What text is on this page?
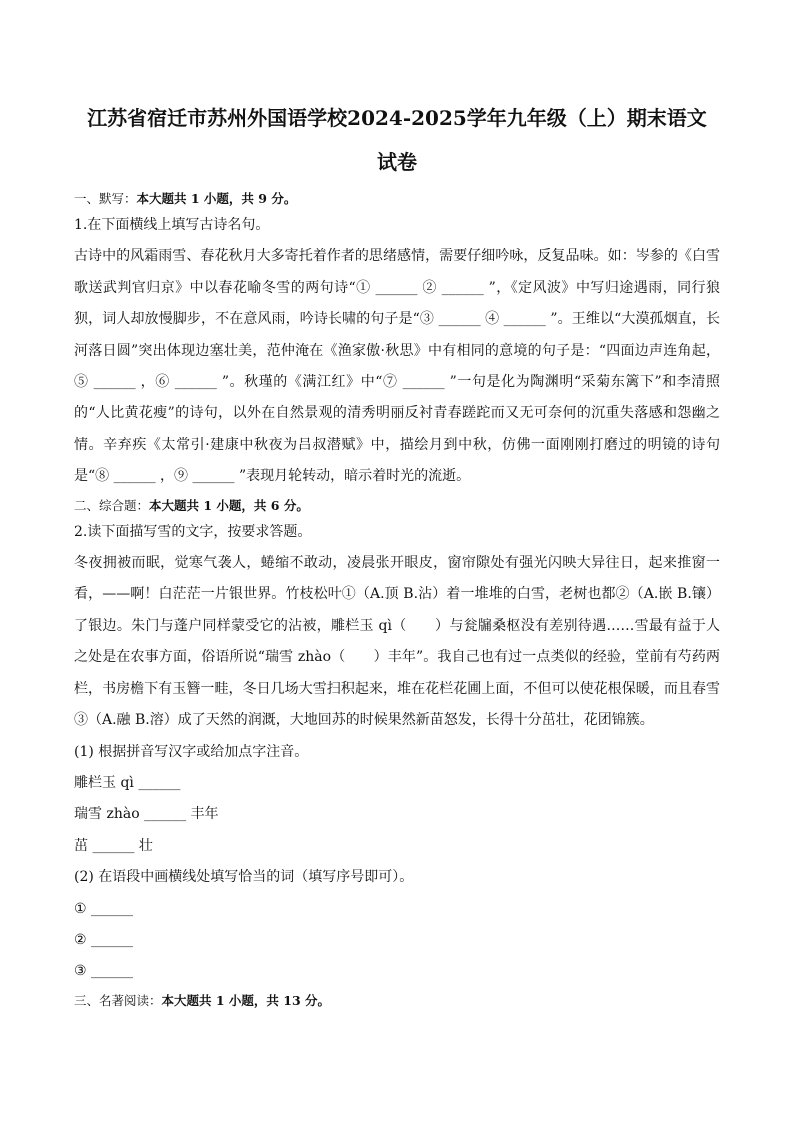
江苏省宿迁市苏州外国语学校2024-2025学年九年级（上）期末语文
试卷
一、默写：本大题共 1 小题，共 9 分。

1.在下面横线上填写古诗名句。

古诗中的风霜雨雪、春花秋月大多寄托着作者的思绪感情，需要仔细吟咏，反复品味。如：岑参的《白雪歌送武判官归京》中以春花喻冬雪的两句诗“① ______ ② ______ ”，《定风波》中写归途遇雨，同行狼狈，词人却放慢脚步，不在意风雨，吟诗长啸的句子是“③ ______ ④ ______ ”。王维以“大漠孤烟直，长河落日圆”突出体现边塞壮美，范仲淹在《渔家傲·秋思》中有相同的意境的句子是：“四面边声连角起，⑤ ______ ，⑥ ______ ”。秋瑾的《满江红》中“⑦ ______ ”一句是化为陶渊明“采菊东篱下”和李清照的“人比黄花瘦”的诗句，以外在自然景观的清秀明丽反衬青春蹉跎而又无可奈何的沉重失落感和怨幽之情。辛弃疾《太常引·建康中秋夜为吕叔潜赋》中，描绘月到中秋，仿佛一面刚刚打磨过的明镜的诗句是“⑧ ______ ，⑨ ______ ”表现月轮转动，暗示着时光的流逝。

二、综合题：本大题共 1 小题，共 6 分。

2.读下面描写雪的文字，按要求答题。

冬夜拥被而眠，觉寒气袭人，蜷缩不敢动，凌晨张开眼皮，窗帘隙处有强光闪映大异往日，起来推窗一看，——啊！白茫茫一片银世界。竹枝松叶①（A.顶 B.沾）着一堆堆的白雪，老树也都②（A.嵌 B.镶）了银边。朱门与蓬户同样蒙受它的沾被，雕栏玉 qì（　　）与瓮牖桑枢没有差别待遇……雪最有益于人之处是在农事方面，俗语所说“瑞雪 zhào（　　）丰年”。我自己也有过一点类似的经验，堂前有芍药两栏，书房檐下有玉簪一畦，冬日几场大雪扫积起来，堆在花栏花圃上面，不但可以使花根保暖，而且春雪③（A.融 B.溶）成了天然的润溉，大地回苏的时候果然新苗怒发，长得十分茁壮，花团锦簇。

(1) 根据拼音写汉字或给加点字注音。

雕栏玉 qì ______

瑞雪 zhào ______ 丰年

茁 ______ 壮

(2) 在语段中画横线处填写恰当的词（填写序号即可）。

① ______

② ______

③ ______

三、名著阅读：本大题共 1 小题，共 13 分。
